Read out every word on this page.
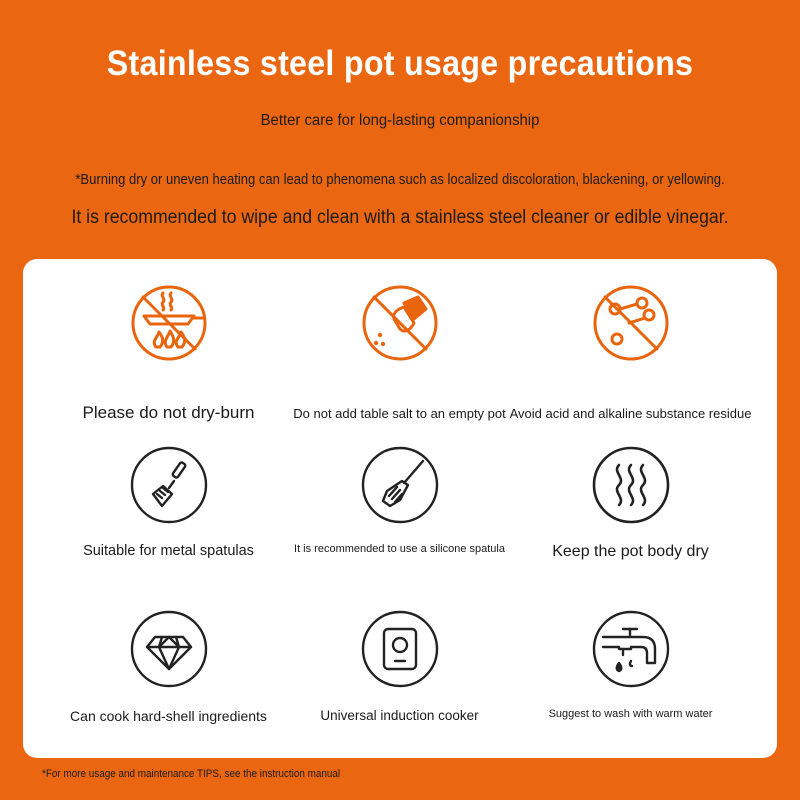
Stainless steel pot usage precautions
Better care for long-lasting companionship
*Burning dry or uneven heating can lead to phenomena such as localized discoloration, blackening, or yellowing.
It is recommended to wipe and clean with a stainless steel cleaner or edible vinegar.
Please do not dry-burn	Do not add table salt to an empty pot Avoid acid and alkaline substance residue
Suitable for metal spatulas	It is recommended to use a silicone spatula	Keep the pot body dry
Can cook hard-shell ingredients	Universal induction cooker	Suggest to wash with warm water
*For more usage and maintenance TIPS, see the instruction manual
